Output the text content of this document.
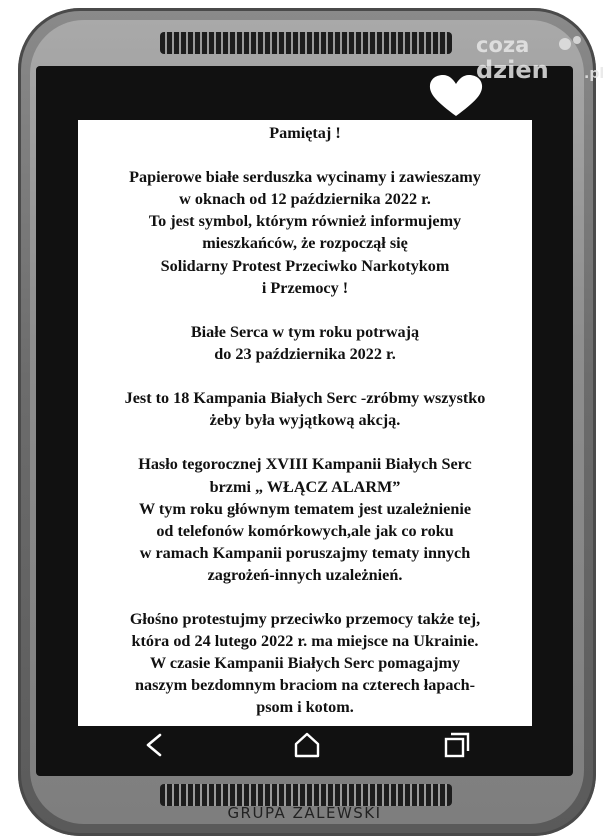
Pamiętaj !

Papierowe białe serduszka wycinamy i zawieszamy
w oknach od 12 października 2022 r.
To jest symbol, którym również informujemy
mieszkańców, że rozpoczął się
Solidarny Protest Przeciwko Narkotykom
i Przemocy !

Białe Serca w tym roku potrwają
do 23 października 2022 r.

Jest to 18 Kampania Białych Serc -zróbmy wszystko
żeby była wyjątkową akcją.

Hasło tegorocznej XVIII Kampanii Białych Serc
brzmi „ WŁĄCZ ALARM”
W tym roku głównym tematem jest uzależnienie
od telefonów komórkowych,ale jak co roku
w ramach Kampanii poruszajmy tematy innych
zagrożeń-innych uzależnień.

Głośno protestujmy przeciwko przemocy także tej,
która od 24 lutego 2022 r. ma miejsce na Ukrainie.
W czasie Kampanii Białych Serc pomagajmy
naszym bezdomnym braciom na czterech łapach-
psom i kotom.
GRUPA ZALEWSKI
coza
dzien	.pl
